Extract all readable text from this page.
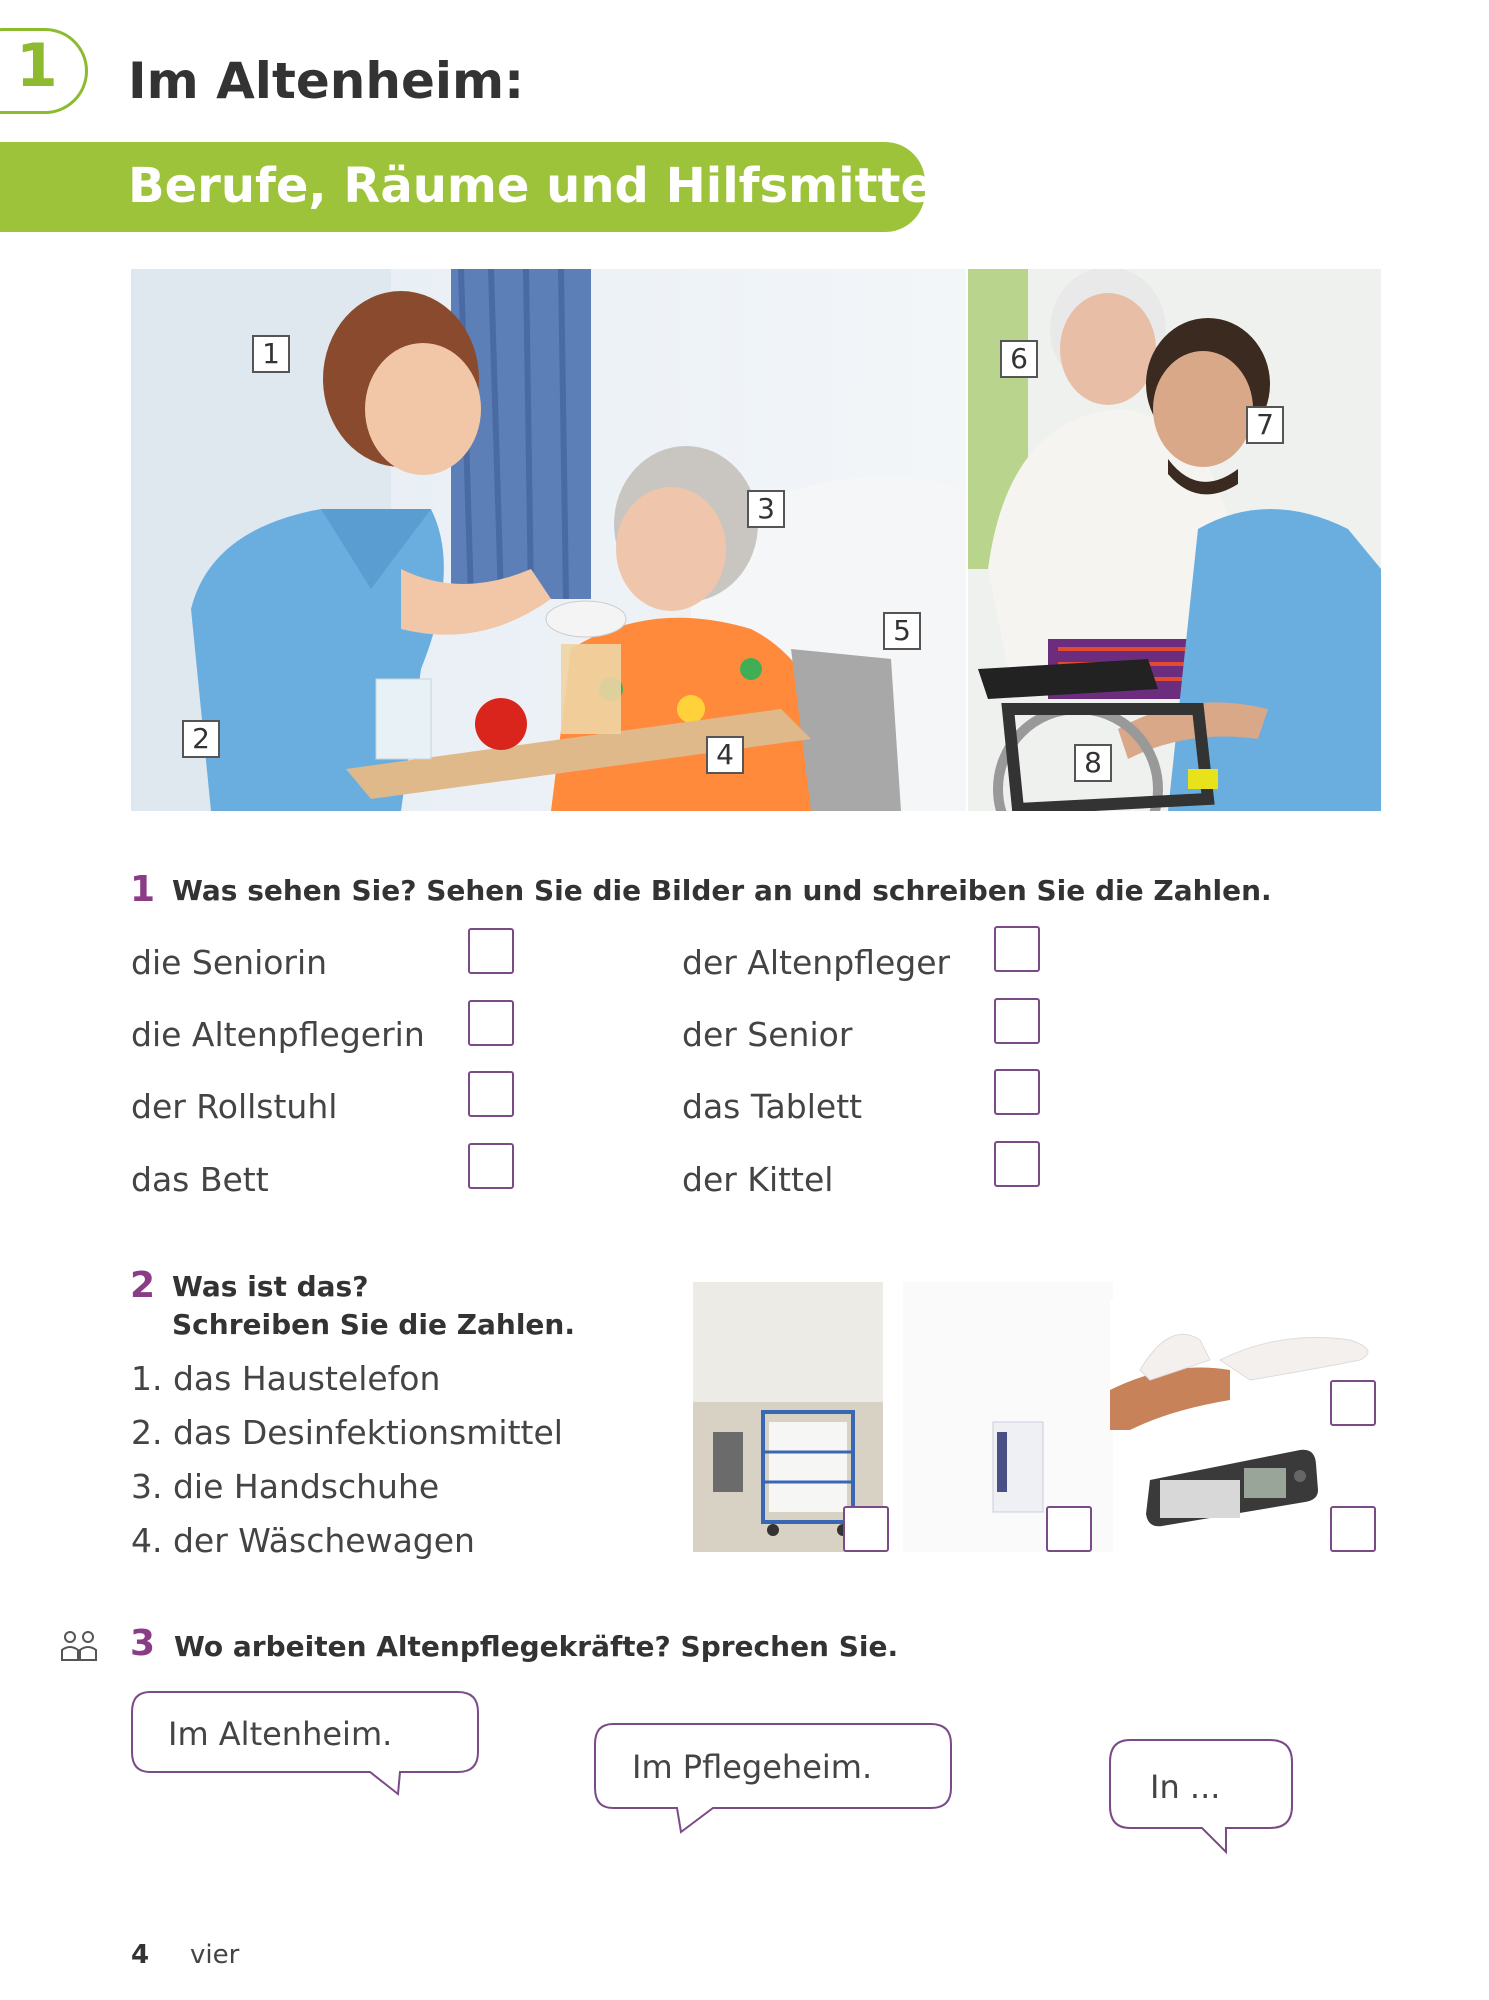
1 Im Altenheim:
Berufe, Räume und Hilfsmittel
1
2
3
4
5
6
7
8
1 Was sehen Sie? Sehen Sie die Bilder an und schreiben Sie die Zahlen.
die Seniorin
die Altenpflegerin
der Rollstuhl
das Bett
der Altenpfleger
der Senior
das Tablett
der Kittel
2 Was ist das?
Schreiben Sie die Zahlen.
1. das Haustelefon
2. das Desinfektionsmittel
3. die Handschuhe
4. der Wäschewagen
3 Wo arbeiten Altenpflegekräfte? Sprechen Sie.
Im Altenheim.
Im Pflegeheim.
In ...
4 vier
